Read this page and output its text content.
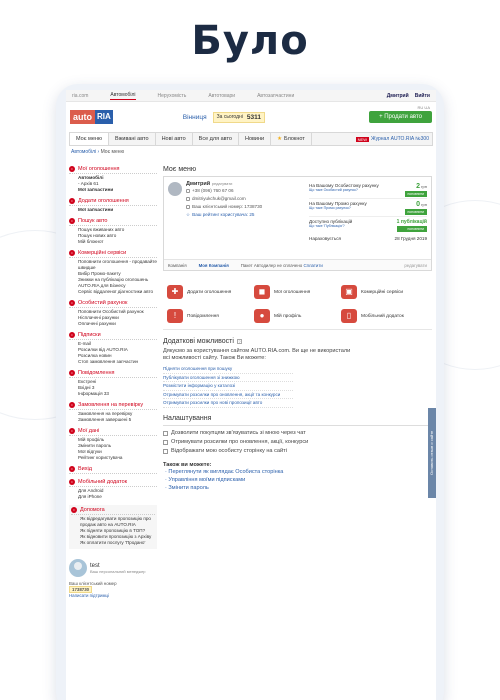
Було
ria.com	Автомобілі	Нерухомість	Автотовари	Автозапчастини	Дмитрий Вийти
RU UA
auto RIA	Вінниця За сьогодні 5311	+ Продати авто
Моє меню	Вживані авто	Нові авто	Все для авто	Новини	★ Блокнот	NEW Журнал AUTO.RIA №300
Автомобілі › Моє меню
• Мої оголошення
Автомобілі
- Архів 61
Мої запчастини
• Додати оголошення
Мої запчастини
• Пошук авто
Пошук вживаних авто
Пошук нових авто
Мій блокнот
• Комерційні сервіси
Поповнити оголошення - продавайте швидше
Вибір Промо-пакету
Знижки на публікацію оголошень
AUTO.RIA для Бізнесу
Сервіс віддаленої діагностики авто
• Особистий рахунок
Поповнити Особистий рахунок
Нісплачені рахунки
Оплачені рахунки
• Підписки
E-mail
Розсилки від AUTO.RIA
Розсилка новин
Стоп замовлення запчастин
• Повідомлення
Екстрені
Вхідні 3
Інформація 33
• Замовлення на перевірку
Замовлення на перевірку
Замовлення завершені 5
• Мої дані
Мій профіль
Змінити пароль
Мої відгуки
Рейтинг користувача
• Вихід
• Мобільний додаток
Для Android
Для iPhone
• Допомога
Як відредагувати пропозицію про продаж авто на AUTO.RIA
Як підняти пропозицію в ТОП?
Як відновити пропозицію з Архіву
Як оплатити послугу 'Продано'
test
Ваш персональний менеджер
Ваш клієнтський номер
1738730
Написати підтримці
Моє меню
Дмитрий редагувати
+38 (096) 760 67 06
dmitriyukchuk@gmail.com
Ваш клієнтський номер: 1738730
☆ Ваш рейтинг користувача: 25
На Вашому Особистому рахунку
Що таке Особистий рахунок?	2 грн
поповнити
На Вашому Промо рахунку
Що таке Промо рахунок?	0 грн
поповнити
Доступно публікацій
Що таке 'Публікація'?
1 публікацій
поповнити
Нараховується	28 Грудня 2019
Компанія	Моя Компанія	Пакет Автодилер не сплачено Сплатити	редагувати
✚	Додати оголошення	◼	Мої оголошення	▣	Комерційні сервіси
!	Повідомлення	●	Мій профіль	▯	Мобільний додаток
Додаткові можливості	?
Дякуємо за користування сайтом AUTO.RIA.com. Ви ще не використали всі можливості сайту. Також Ви можете:
Підняти оголошення при пошуку
Публікувати оголошення зі знижкою
Розмістити інформацію у каталозі
Отримувати розсилки про оновлення, акції та конкурси
Отримувати розсилки про нові пропозиції авто
Налаштування
Дозволити покупцям зв'язуватись зі мною через чат
Отримувати розсилки про оновлення, акції, конкурси
Відображати мою особисту сторінку на сайті
Також ви можете:
· Переглянути як виглядає Особиста сторінка
· Управління моїми підписками
· Змінити пароль
Оставить отзыв о сайте
